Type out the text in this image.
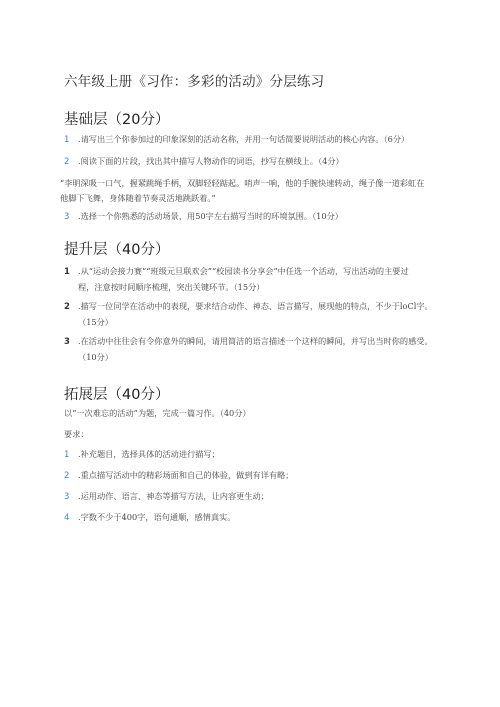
六年级上册《习作：多彩的活动》分层练习
基础层（20分）
1 .请写出三个你参加过的印象深刻的活动名称，并用一句话简要说明活动的核心内容。（6分）
2 .阅读下面的片段，找出其中描写人物动作的词语，抄写在横线上。（4分）
“李明深吸一口气，握紧跳绳手柄，双脚轻轻踮起。哨声一响，他的手腕快速转动，绳子像一道彩虹在
他脚下飞舞，身体随着节奏灵活地跳跃着。”
3 .选择一个你熟悉的活动场景，用50字左右描写当时的环境氛围。（10分）
提升层（40分）
1 .从“运动会接力赛”“班级元旦联欢会”“校园读书分享会”中任选一个活动，写出活动的主要过
程，注意按时间顺序梳理，突出关键环节。（15分）
2 .描写一位同学在活动中的表现，要求结合动作、神态、语言描写，展现他的特点，不少于loCl字。
（15分）
3 .在活动中往往会有令你意外的瞬间，请用简洁的语言描述一个这样的瞬间，并写出当时你的感受。
（10分）
拓展层（40分）
以“一次难忘的活动”为题，完成一篇习作。（40分）
要求：
1 .补充题目，选择具体的活动进行描写；
2 .重点描写活动中的精彩场面和自己的体验，做到有详有略；
3 .运用动作、语言、神态等描写方法，让内容更生动；
4 .字数不少于400字，语句通顺，感情真实。
